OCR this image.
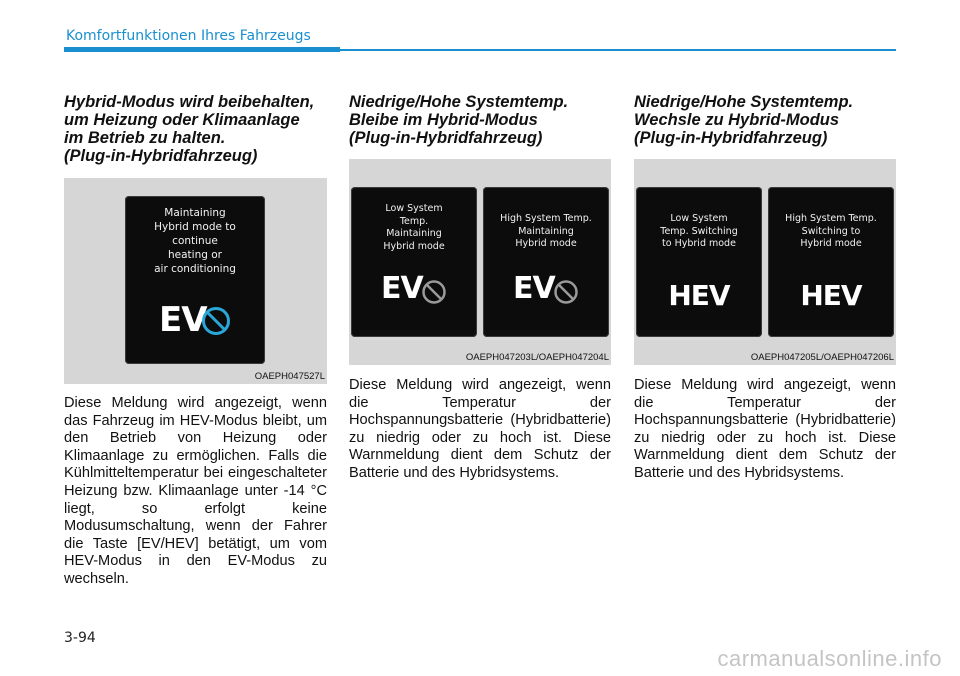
Komfortfunktionen Ihres Fahrzeugs
Hybrid-Modus wird beibehalten,
um Heizung oder Klimaanlage
im Betrieb zu halten.
(Plug-in-Hybridfahrzeug)
Maintaining
Hybrid mode to
continue
heating or
air conditioning
EV
OAEPH047527L

Diese Meldung wird angezeigt, wenn das Fahrzeug im HEV-Modus bleibt, um den Betrieb von Heizung oder Klimaanlage zu ermöglichen. Falls die Kühlmitteltemperatur bei eingeschalteter Heizung bzw. Klimaanlage unter -14 °C liegt, so erfolgt keine Modusumschaltung, wenn der Fahrer die Taste [EV/HEV] betätigt, um vom HEV-Modus in den EV-Modus zu wechseln.

Niedrige/Hohe Systemtemp.
Bleibe im Hybrid-Modus
(Plug-in-Hybridfahrzeug)
Low System
Temp.
Maintaining
Hybrid mode
EV
High System Temp.
Maintaining
Hybrid mode
EV
OAEPH047203L/OAEPH047204L

Diese Meldung wird angezeigt, wenn die Temperatur der Hochspannungsbatterie (Hybridbatterie) zu niedrig oder zu hoch ist. Diese Warnmeldung dient dem Schutz der Batterie und des Hybridsystems.

Niedrige/Hohe Systemtemp.
Wechsle zu Hybrid-Modus
(Plug-in-Hybridfahrzeug)
Low System
Temp. Switching
to Hybrid mode
HEV
High System Temp.
Switching to
Hybrid mode
HEV
OAEPH047205L/OAEPH047206L

Diese Meldung wird angezeigt, wenn die Temperatur der Hochspannungsbatterie (Hybridbatterie) zu niedrig oder zu hoch ist. Diese Warnmeldung dient dem Schutz der Batterie und des Hybridsystems.

3-94
carmanualsonline.info
